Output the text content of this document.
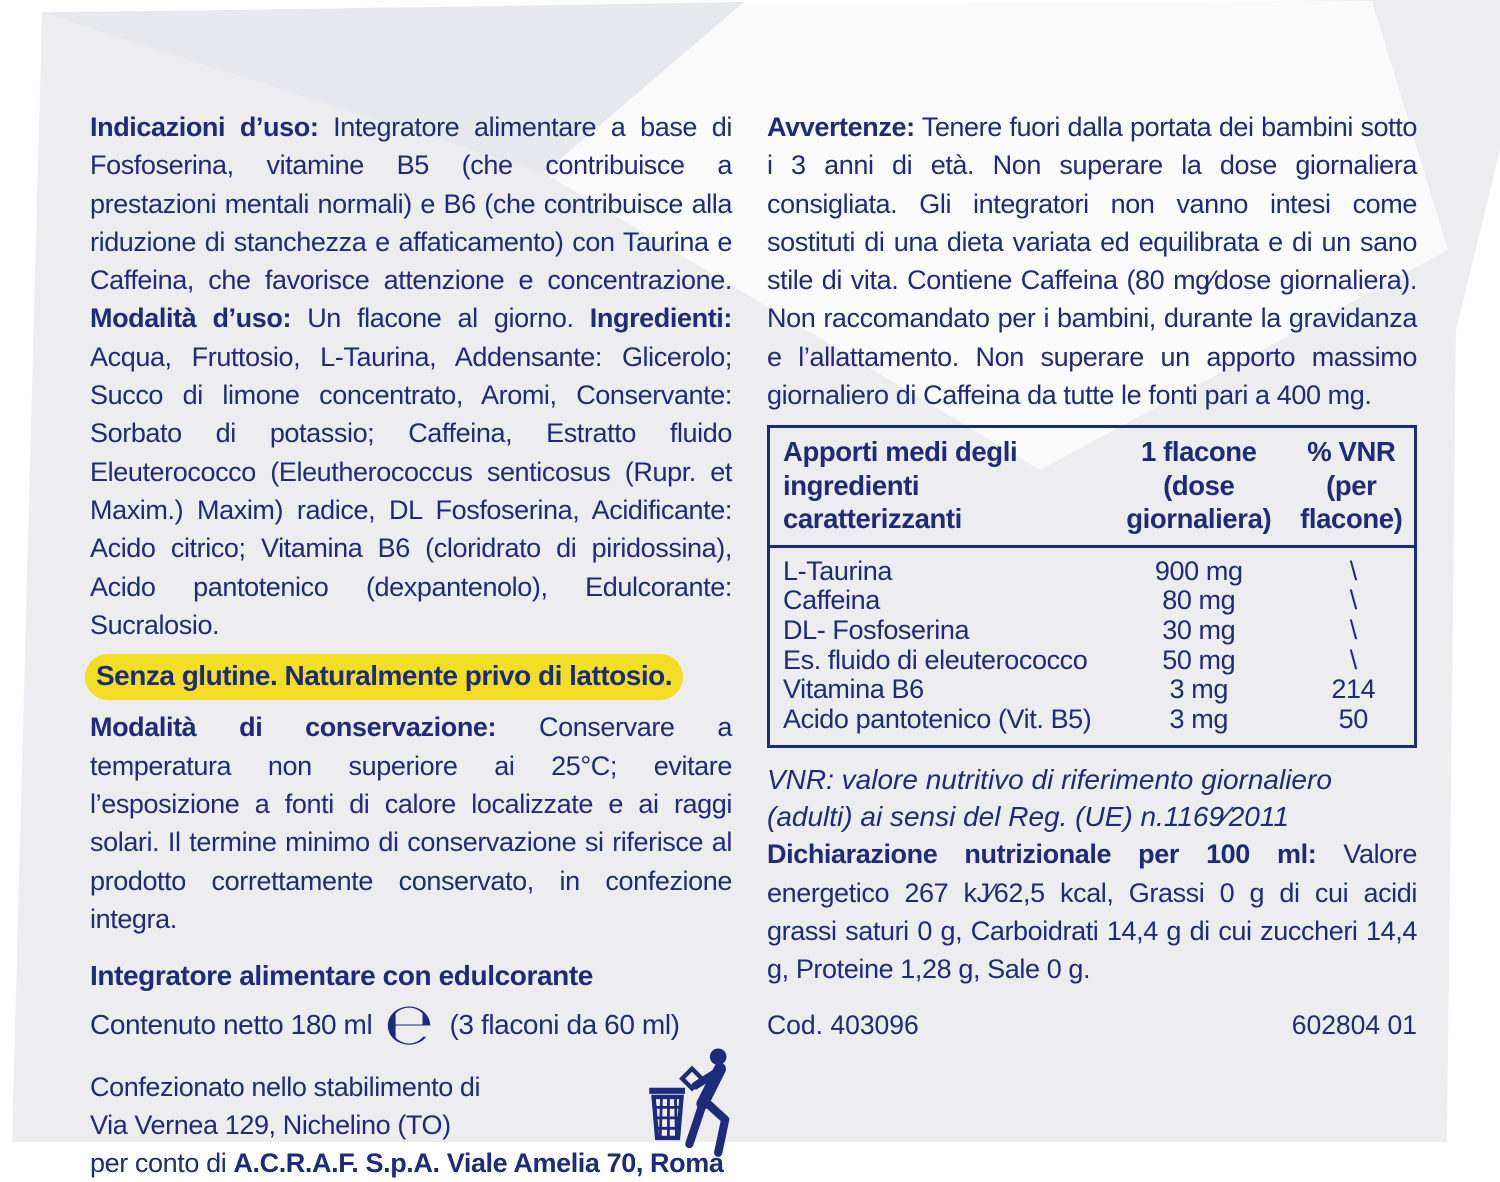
Indicazioni d’uso: Integratore alimentare a base di Fosfoserina, vitamine B5 (che contribuisce a prestazioni mentali normali) e B6 (che contribuisce alla riduzione di stanchezza e affaticamento) con Taurina e Caffeina, che favorisce attenzione e concentrazione. Modalità d’uso: Un flacone al giorno. Ingredienti: Acqua, Fruttosio, L-Taurina, Addensante: Glicerolo; Succo di limone concentrato, Aromi, Conservante: Sorbato di potassio; Caffeina, Estratto fluido Eleuterococco (Eleutherococcus senticosus (Rupr. et Maxim.) Maxim) radice, DL Fosfoserina, Acidificante: Acido citrico; Vitamina B6 (cloridrato di piridossina), Acido pantotenico (dexpantenolo), Edulcorante: Sucralosio.

Senza glutine. Naturalmente privo di lattosio.

Modalità di conservazione: Conservare a temperatura non superiore ai 25°C; evitare l’esposizione a fonti di calore localizzate e ai raggi solari. Il termine minimo di conservazione si riferisce al prodotto correttamente conservato, in confezione integra.

Integratore alimentare con edulcorante
Contenuto netto 180 ml ℮ (3 flaconi da 60 ml)
Confezionato nello stabilimento di
Via Vernea 129, Nichelino (TO)
per conto di A.C.R.A.F. S.p.A. Viale Amelia 70, Roma

Avvertenze: Tenere fuori dalla portata dei bambini sotto i 3 anni di età. Non superare la dose giornaliera consigliata. Gli integratori non vanno intesi come sostituti di una dieta variata ed equilibrata e di un sano stile di vita. Contiene Caffeina (80 mg⁄dose giornaliera). Non raccomandato per i bambini, durante la gravidanza e l’allattamento. Non superare un apporto massimo giornaliero di Caffeina da tutte le fonti pari a 400 mg.

Apporti medi degli ingredienti caratterizzanti	1 flacone (dose giornaliera)	% VNR (per flacone)
L-Taurina	900 mg	\
Caffeina	80 mg	\
DL- Fosfoserina	30 mg	\
Es. fluido di eleuterococco	50 mg	\
Vitamina B6	3 mg	214
Acido pantotenico (Vit. B5)	3 mg	50
VNR: valore nutritivo di riferimento giornaliero (adulti) ai sensi del Reg. (UE) n.1169⁄2011

Dichiarazione nutrizionale per 100 ml: Valore energetico 267 kJ⁄62,5 kcal, Grassi 0 g di cui acidi grassi saturi 0 g, Carboidrati 14,4 g di cui zuccheri 14,4 g, Proteine 1,28 g, Sale 0 g.

Cod. 403096	602804 01
